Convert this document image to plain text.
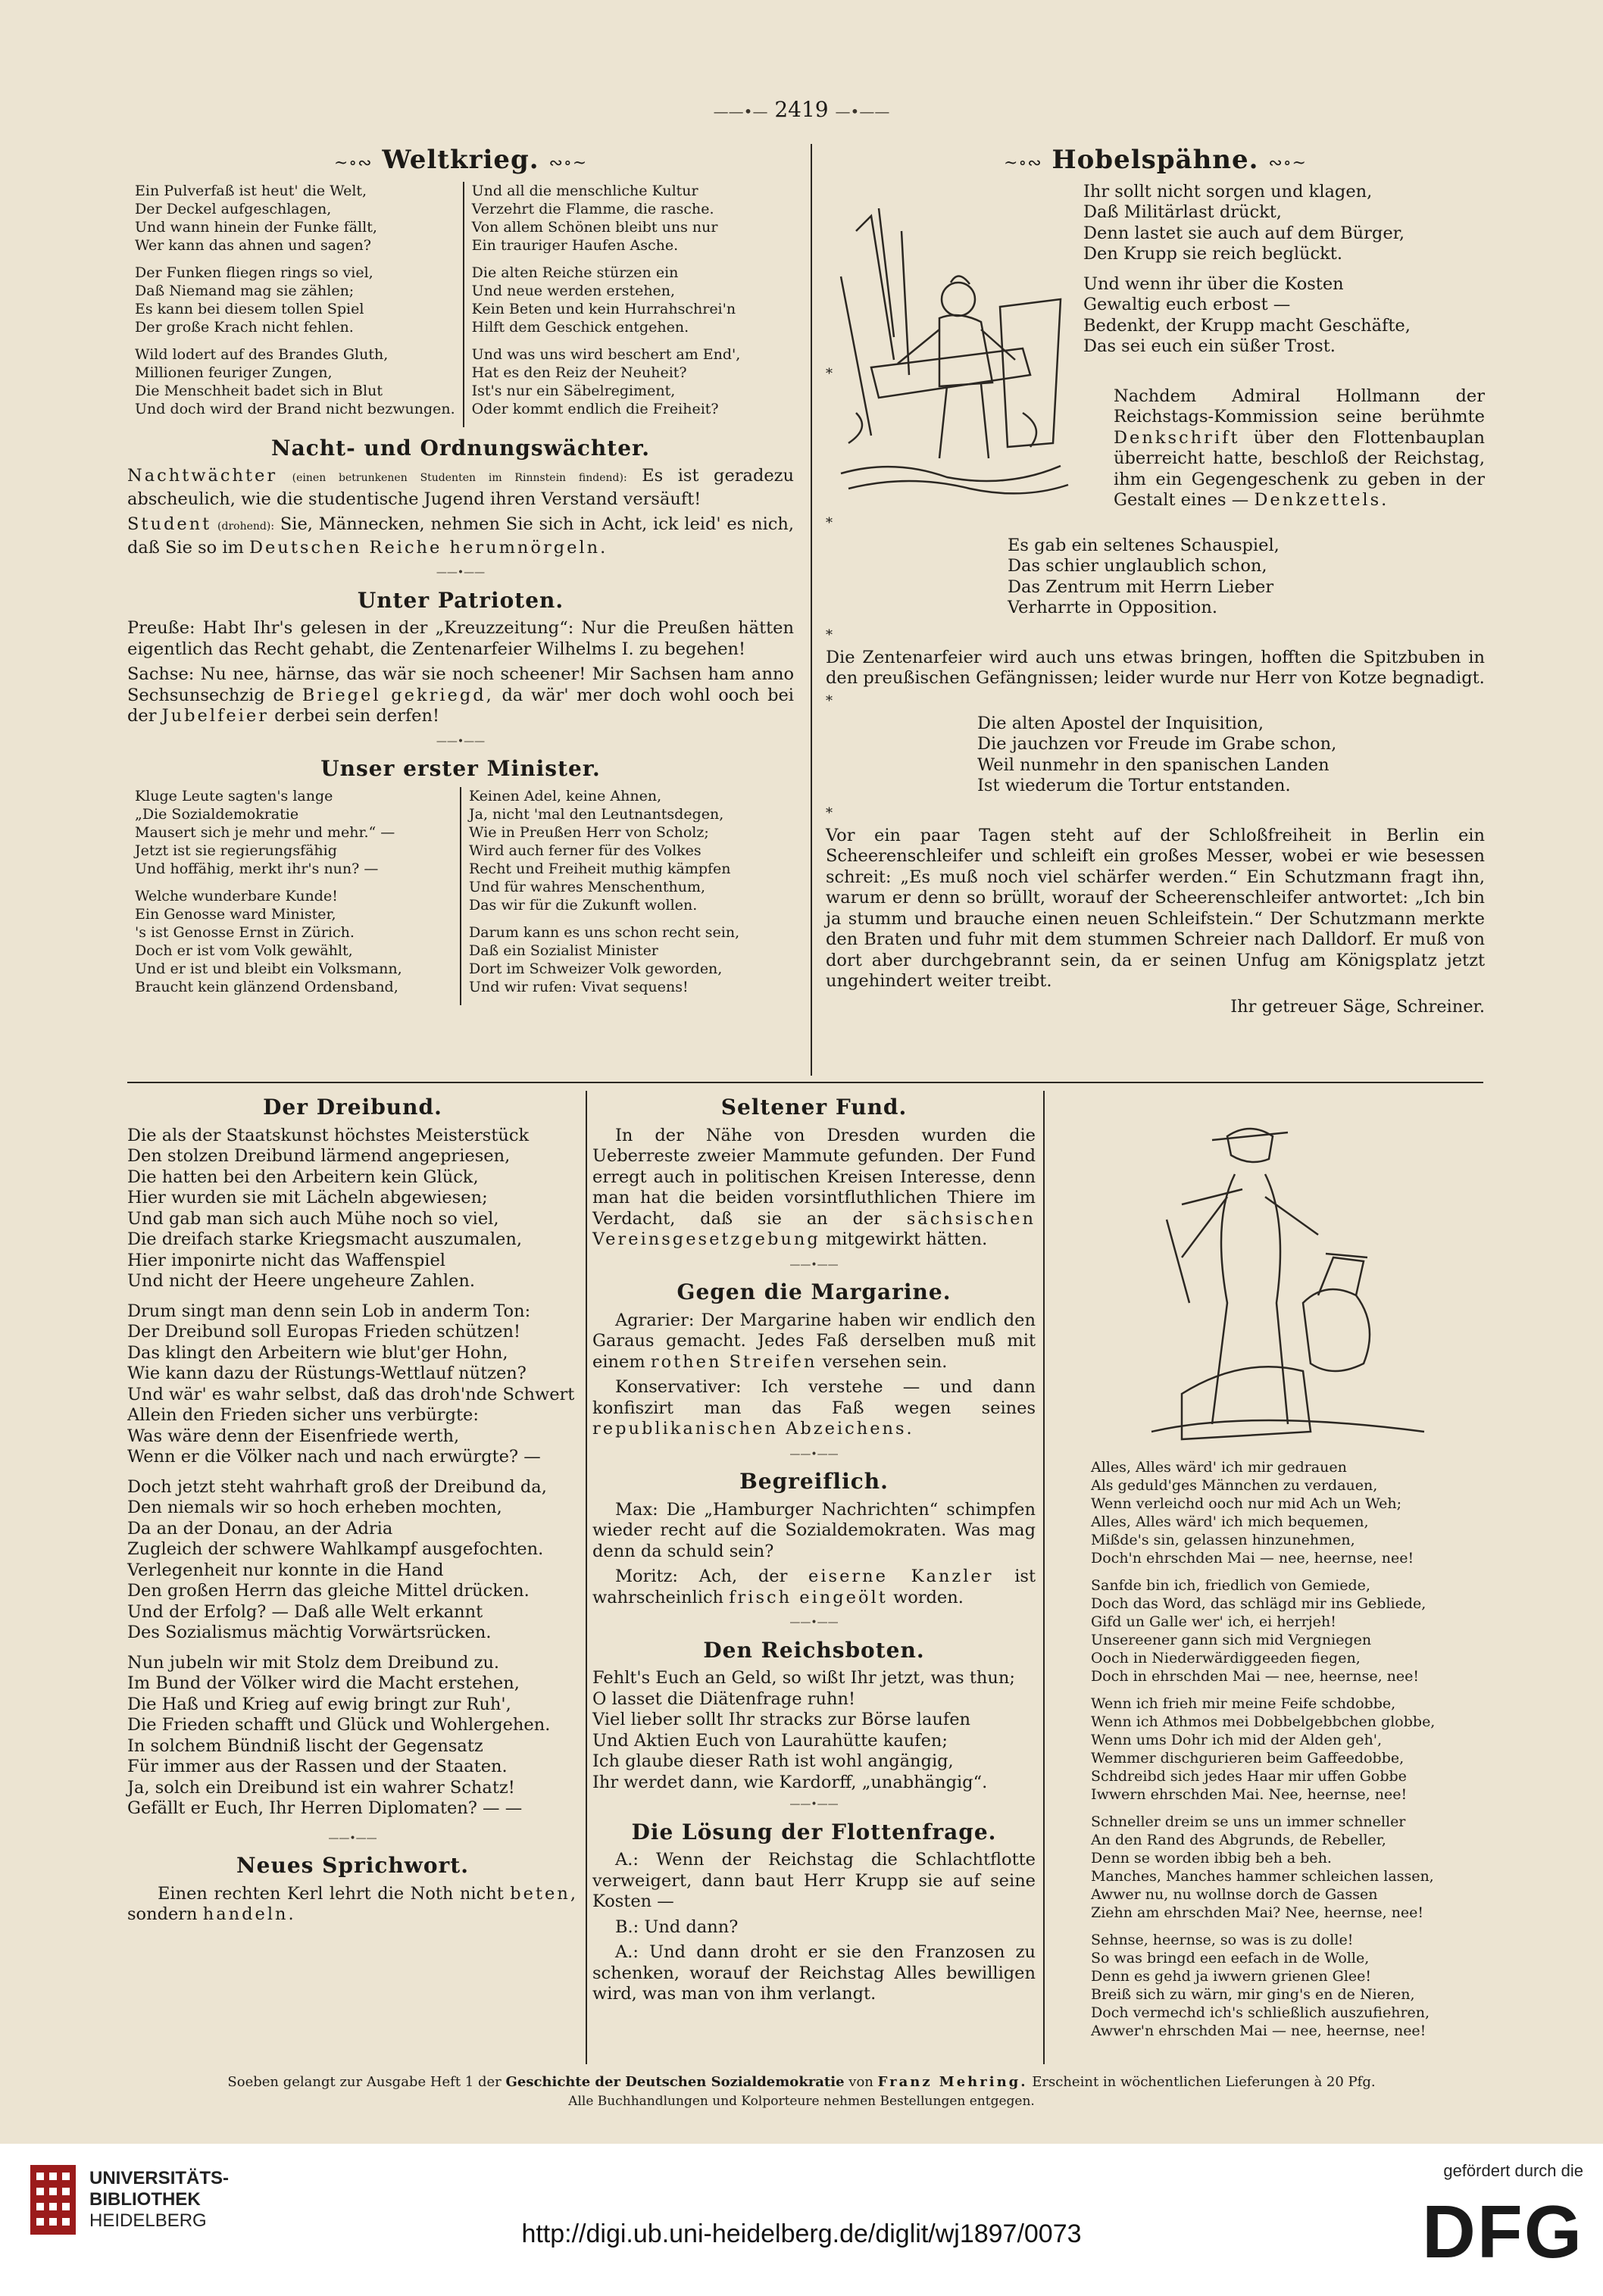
——•— 2419 —•——
~∘∾ Weltkrieg. ∾∘~
Ein Pulverfaß ist heut' die Welt,
Der Deckel aufgeschlagen,
Und wann hinein der Funke fällt,
Wer kann das ahnen und sagen?
Der Funken fliegen rings so viel,
Daß Niemand mag sie zählen;
Es kann bei diesem tollen Spiel
Der große Krach nicht fehlen.
Wild lodert auf des Brandes Gluth,
Millionen feuriger Zungen,
Die Menschheit badet sich in Blut
Und doch wird der Brand nicht bezwungen.
Und all die menschliche Kultur
Verzehrt die Flamme, die rasche.
Von allem Schönen bleibt uns nur
Ein trauriger Haufen Asche.
Die alten Reiche stürzen ein
Und neue werden erstehen,
Kein Beten und kein Hurrahschrei'n
Hilft dem Geschick entgehen.
Und was uns wird beschert am End',
Hat es den Reiz der Neuheit?
Ist's nur ein Säbelregiment,
Oder kommt endlich die Freiheit?
Nacht- und Ordnungswächter.

Nachtwächter (einen betrunkenen Studenten im Rinnstein findend): Es ist geradezu abscheulich, wie die studentische Jugend ihren Verstand versäuft!

Student (drohend): Sie, Männecken, nehmen Sie sich in Acht, ick leid' es nich, daß Sie so im Deutschen Reiche herumnörgeln.

——•——
Unter Patrioten.

Preuße: Habt Ihr's gelesen in der „Kreuzzeitung“: Nur die Preußen hätten eigentlich das Recht gehabt, die Zentenarfeier Wilhelms I. zu begehen!

Sachse: Nu nee, härnse, das wär sie noch scheener! Mir Sachsen ham anno Sechsunsechzig de Briegel gekriegd, da wär' mer doch wohl ooch bei der Jubelfeier derbei sein derfen!

——•——
Unser erster Minister.
Kluge Leute sagten's lange
„Die Sozialdemokratie
Mausert sich je mehr und mehr.“ —
Jetzt ist sie regierungsfähig
Und hoffähig, merkt ihr's nun? —
Welche wunderbare Kunde!
Ein Genosse ward Minister,
's ist Genosse Ernst in Zürich.
Doch er ist vom Volk gewählt,
Und er ist und bleibt ein Volksmann,
Braucht kein glänzend Ordensband,
Keinen Adel, keine Ahnen,
Ja, nicht 'mal den Leutnantsdegen,
Wie in Preußen Herr von Scholz;
Wird auch ferner für des Volkes
Recht und Freiheit muthig kämpfen
Und für wahres Menschenthum,
Das wir für die Zukunft wollen.
Darum kann es uns schon recht sein,
Daß ein Sozialist Minister
Dort im Schweizer Volk geworden,
Und wir rufen: Vivat sequens!
~∘∾ Hobelspähne. ∾∘~
Ihr sollt nicht sorgen und klagen,
Daß Militärlast drückt,
Denn lastet sie auch auf dem Bürger,
Den Krupp sie reich beglückt.
Und wenn ihr über die Kosten
Gewaltig euch erbost —
Bedenkt, der Krupp macht Geschäfte,
Das sei euch ein süßer Trost.

*

Nachdem Admiral Hollmann der Reichstags-Kommission seine berühmte Denkschrift über den Flottenbauplan überreicht hatte, beschloß der Reichstag, ihm ein Gegengeschenk zu geben in der Gestalt eines — Denkzettels.

*

Es gab ein seltenes Schauspiel,
Das schier unglaublich schon,
Das Zentrum mit Herrn Lieber
Verharrte in Opposition.

*

Die Zentenarfeier wird auch uns etwas bringen, hofften die Spitzbuben in den preußischen Gefängnissen; leider wurde nur Herr von Kotze begnadigt.

*

Die alten Apostel der Inquisition,
Die jauchzen vor Freude im Grabe schon,
Weil nunmehr in den spanischen Landen
Ist wiederum die Tortur entstanden.

*

Vor ein paar Tagen steht auf der Schloßfreiheit in Berlin ein Scheerenschleifer und schleift ein großes Messer, wobei er wie besessen schreit: „Es muß noch viel schärfer werden.“ Ein Schutzmann fragt ihn, warum er denn so brüllt, worauf der Scheerenschleifer antwortet: „Ich bin ja stumm und brauche einen neuen Schleifstein.“ Der Schutzmann merkte den Braten und fuhr mit dem stummen Schreier nach Dalldorf. Er muß von dort aber durchgebrannt sein, da er seinen Unfug am Königsplatz jetzt ungehindert weiter treibt.

Ihr getreuer Säge, Schreiner.
Der Dreibund.
Die als der Staatskunst höchstes Meisterstück
Den stolzen Dreibund lärmend angepriesen,
Die hatten bei den Arbeitern kein Glück,
Hier wurden sie mit Lächeln abgewiesen;
Und gab man sich auch Mühe noch so viel,
Die dreifach starke Kriegsmacht auszumalen,
Hier imponirte nicht das Waffenspiel
Und nicht der Heere ungeheure Zahlen.
Drum singt man denn sein Lob in anderm Ton:
Der Dreibund soll Europas Frieden schützen!
Das klingt den Arbeitern wie blut'ger Hohn,
Wie kann dazu der Rüstungs-Wettlauf nützen?
Und wär' es wahr selbst, daß das droh'nde Schwert
Allein den Frieden sicher uns verbürgte:
Was wäre denn der Eisenfriede werth,
Wenn er die Völker nach und nach erwürgte? —
Doch jetzt steht wahrhaft groß der Dreibund da,
Den niemals wir so hoch erheben mochten,
Da an der Donau, an der Adria
Zugleich der schwere Wahlkampf ausgefochten.
Verlegenheit nur konnte in die Hand
Den großen Herrn das gleiche Mittel drücken.
Und der Erfolg? — Daß alle Welt erkannt
Des Sozialismus mächtig Vorwärtsrücken.
Nun jubeln wir mit Stolz dem Dreibund zu.
Im Bund der Völker wird die Macht erstehen,
Die Haß und Krieg auf ewig bringt zur Ruh',
Die Frieden schafft und Glück und Wohlergehen.
In solchem Bündniß lischt der Gegensatz
Für immer aus der Rassen und der Staaten.
Ja, solch ein Dreibund ist ein wahrer Schatz!
Gefällt er Euch, Ihr Herren Diplomaten? — —
——•——
Neues Sprichwort.

Einen rechten Kerl lehrt die Noth nicht beten, sondern handeln.

Seltener Fund.

In der Nähe von Dresden wurden die Ueberreste zweier Mammute gefunden. Der Fund erregt auch in politischen Kreisen Interesse, denn man hat die beiden vorsintfluthlichen Thiere im Verdacht, daß sie an der sächsischen Vereinsgesetzgebung mitgewirkt hätten.

——•——
Gegen die Margarine.

Agrarier: Der Margarine haben wir endlich den Garaus gemacht. Jedes Faß derselben muß mit einem rothen Streifen versehen sein.

Konservativer: Ich verstehe — und dann konfiszirt man das Faß wegen seines republikanischen Abzeichens.

——•——
Begreiflich.

Max: Die „Hamburger Nachrichten“ schimpfen wieder recht auf die Sozialdemokraten. Was mag denn da schuld sein?

Moritz: Ach, der eiserne Kanzler ist wahrscheinlich frisch eingeölt worden.

——•——
Den Reichsboten.
Fehlt's Euch an Geld, so wißt Ihr jetzt, was thun;
O lasset die Diätenfrage ruhn!
Viel lieber sollt Ihr stracks zur Börse laufen
Und Aktien Euch von Laurahütte kaufen;
Ich glaube dieser Rath ist wohl angängig,
Ihr werdet dann, wie Kardorff, „unabhängig“.
——•——
Die Lösung der Flottenfrage.

A.: Wenn der Reichstag die Schlachtflotte verweigert, dann baut Herr Krupp sie auf seine Kosten —

B.: Und dann?

A.: Und dann droht er sie den Franzosen zu schenken, worauf der Reichstag Alles bewilligen wird, was man von ihm verlangt.

Alles, Alles wärd' ich mir gedrauen
Als geduld'ges Männchen zu verdauen,
Wenn verleichd ooch nur mid Ach un Weh;
Alles, Alles wärd' ich mich bequemen,
Mißde's sin, gelassen hinzunehmen,
Doch'n ehrschden Mai — nee, heernse, nee!
Sanfde bin ich, friedlich von Gemiede,
Doch das Word, das schlägd mir ins Gebliede,
Gifd un Galle wer' ich, ei herrjeh!
Unsereener gann sich mid Vergniegen
Ooch in Niederwärdiggeeden fiegen,
Doch in ehrschden Mai — nee, heernse, nee!
Wenn ich frieh mir meine Feife schdobbe,
Wenn ich Athmos mei Dobbelgebbchen globbe,
Wenn ums Dohr ich mid der Alden geh',
Wemmer dischgurieren beim Gaffeedobbe,
Schdreibd sich jedes Haar mir uffen Gobbe
Iwwern ehrschden Mai. Nee, heernse, nee!
Schneller dreim se uns un immer schneller
An den Rand des Abgrunds, de Rebeller,
Denn se worden ibbig beh a beh.
Manches, Manches hammer schleichen lassen,
Awwer nu, nu wollnse dorch de Gassen
Ziehn am ehrschden Mai? Nee, heernse, nee!
Sehnse, heernse, so was is zu dolle!
So was bringd een eefach in de Wolle,
Denn es gehd ja iwwern grienen Glee!
Breiß sich zu wärn, mir ging's en de Nieren,
Doch vermechd ich's schließlich auszufiehren,
Awwer'n ehrschden Mai — nee, heernse, nee!
Soeben gelangt zur Ausgabe Heft 1 der Geschichte der Deutschen Sozialdemokratie von Franz Mehring. Erscheint in wöchentlichen Lieferungen à 20 Pfg.
Alle Buchhandlungen und Kolporteure nehmen Bestellungen entgegen.
UNIVERSITÄTS-
BIBLIOTHEK
HEIDELBERG	http://digi.ub.uni-heidelberg.de/diglit/wj1897/0073
gefördert durch die
DFG
